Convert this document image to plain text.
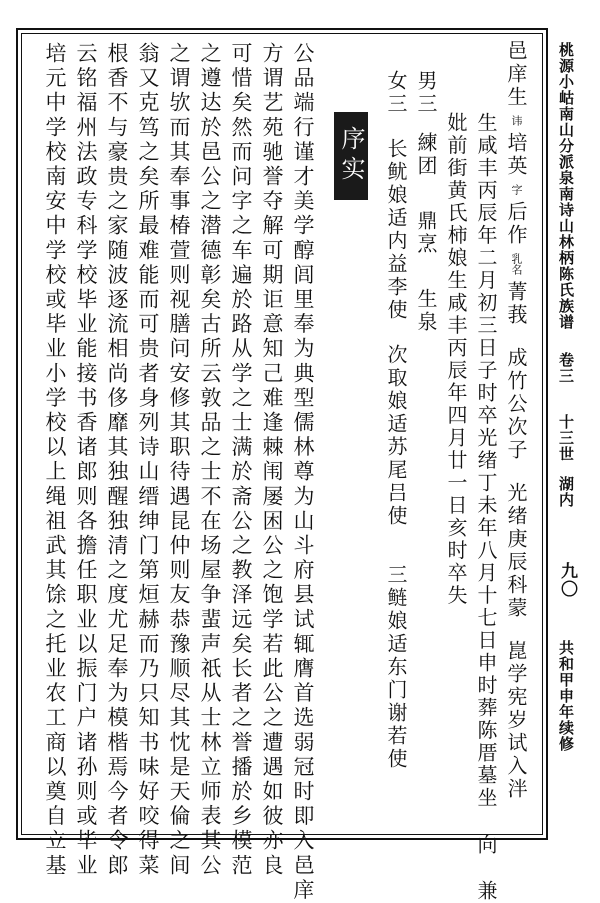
桃源小岵南山分派泉南诗山林柄陈氏族谱
卷三
十三世
湖内
九〇
共和甲申年续修
邑庠生讳培英字后作乳名菁莪成竹公次子光绪庚辰科蒙崑学宪岁试入泮
生咸丰丙辰年二月初三日子时卒光绪丁未年八月十七日申时葬陈厝墓坐向兼
妣前街黄氏柿娘生咸丰丙辰年四月廿一日亥时卒失
男三練团鼎烹生泉
女三长鱿娘适内益李使次取娘适苏尾吕使三鲢娘适东门谢若使
序实
公品端行谨才美学醇闾里奉为典型儒林尊为山斗府县试辄膺首选弱冠时即入邑庠
方谓艺苑驰誉夺解可期讵意知己难逢棘闱屡困公之饱学若此公之遭遇如彼亦良
可惜矣然而问字之车遍於路从学之士满於斋公之教泽远矣长者之誉播於乡模范
之遵达於邑公之潜德彰矣古所云敦品之士不在场屋争蜚声祇从士林立师表其公
之谓欤而其奉事椿萱则视膳问安修其职待遇昆仲则友恭豫顺尽其忱是天倫之间
翁又克笃之矣所最难能而可贵者身列诗山缙绅门第烜赫而乃只知书味好咬得菜
根香不与豪贵之家随波逐流相尚侈靡其独醒独清之度尤足奉为模楷焉今者令郎
云铭福州法政专科学校毕业能接书香诸郎则各擔任职业以振门户诸孙则或毕业
培元中学校南安中学校或毕业小学校以上绳祖武其馀之托业农工商以奠自立基
